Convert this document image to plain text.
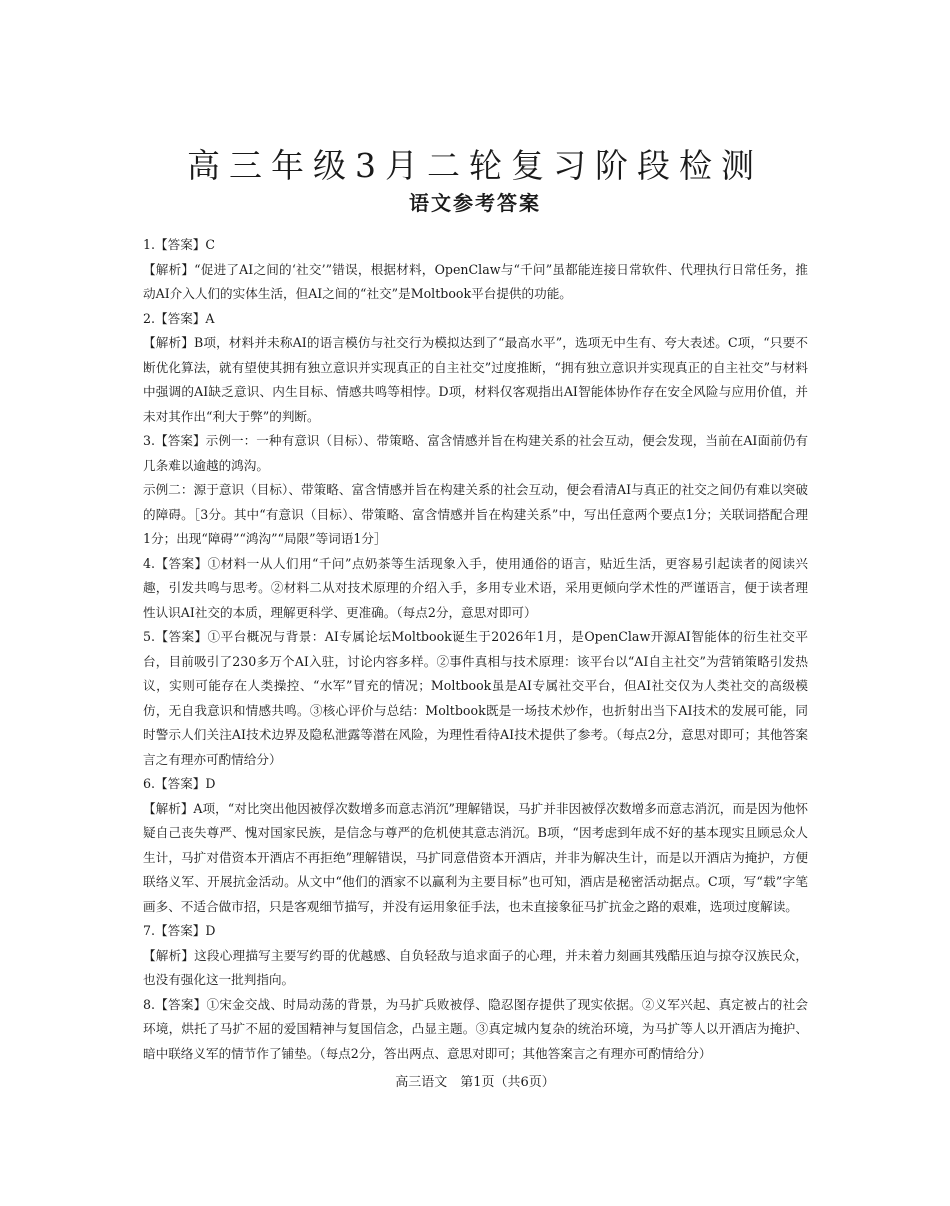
高三年级3月二轮复习阶段检测
语文参考答案

1.【答案】C

【解析】“促进了AI之间的‘社交’”错误，根据材料，OpenClaw与“千问”虽都能连接日常软件、代理执行日常任务，推动AI介入人们的实体生活，但AI之间的“社交”是Moltbook平台提供的功能。

2.【答案】A

【解析】B项，材料并未称AI的语言模仿与社交行为模拟达到了“最高水平”，选项无中生有、夸大表述。C项，“只要不断优化算法，就有望使其拥有独立意识并实现真正的自主社交”过度推断，“拥有独立意识并实现真正的自主社交”与材料中强调的AI缺乏意识、内生目标、情感共鸣等相悖。D项，材料仅客观指出AI智能体协作存在安全风险与应用价值，并未对其作出“利大于弊”的判断。

3.【答案】示例一：一种有意识（目标）、带策略、富含情感并旨在构建关系的社会互动，便会发现，当前在AI面前仍有几条难以逾越的鸿沟。

示例二：源于意识（目标）、带策略、富含情感并旨在构建关系的社会互动，便会看清AI与真正的社交之间仍有难以突破的障碍。［3分。其中“有意识（目标）、带策略、富含情感并旨在构建关系”中，写出任意两个要点1分；关联词搭配合理1分；出现“障碍”“鸿沟”“局限”等词语1分］

4.【答案】①材料一从人们用“千问”点奶茶等生活现象入手，使用通俗的语言，贴近生活，更容易引起读者的阅读兴趣，引发共鸣与思考。②材料二从对技术原理的介绍入手，多用专业术语，采用更倾向学术性的严谨语言，便于读者理性认识AI社交的本质，理解更科学、更准确。（每点2分，意思对即可）

5.【答案】①平台概况与背景：AI专属论坛Moltbook诞生于2026年1月，是OpenClaw开源AI智能体的衍生社交平台，目前吸引了230多万个AI入驻，讨论内容多样。②事件真相与技术原理：该平台以“AI自主社交”为营销策略引发热议，实则可能存在人类操控、“水军”冒充的情况；Moltbook虽是AI专属社交平台，但AI社交仅为人类社交的高级模仿，无自我意识和情感共鸣。③核心评价与总结：Moltbook既是一场技术炒作，也折射出当下AI技术的发展可能，同时警示人们关注AI技术边界及隐私泄露等潜在风险，为理性看待AI技术提供了参考。（每点2分，意思对即可；其他答案言之有理亦可酌情给分）

6.【答案】D

【解析】A项，“对比突出他因被俘次数增多而意志消沉”理解错误，马扩并非因被俘次数增多而意志消沉，而是因为他怀疑自己丧失尊严、愧对国家民族，是信念与尊严的危机使其意志消沉。B项，“因考虑到年成不好的基本现实且顾忌众人生计，马扩对借资本开酒店不再拒绝”理解错误，马扩同意借资本开酒店，并非为解决生计，而是以开酒店为掩护，方便联络义军、开展抗金活动。从文中“他们的酒家不以赢利为主要目标”也可知，酒店是秘密活动据点。C项，写“载”字笔画多、不适合做市招，只是客观细节描写，并没有运用象征手法，也未直接象征马扩抗金之路的艰难，选项过度解读。

7.【答案】D

【解析】这段心理描写主要写约哥的优越感、自负轻敌与追求面子的心理，并未着力刻画其残酷压迫与掠夺汉族民众，也没有强化这一批判指向。

8.【答案】①宋金交战、时局动荡的背景，为马扩兵败被俘、隐忍图存提供了现实依据。②义军兴起、真定被占的社会环境，烘托了马扩不屈的爱国精神与复国信念，凸显主题。③真定城内复杂的统治环境，为马扩等人以开酒店为掩护、暗中联络义军的情节作了铺垫。（每点2分，答出两点、意思对即可；其他答案言之有理亦可酌情给分）

高三语文　第1页（共6页）
